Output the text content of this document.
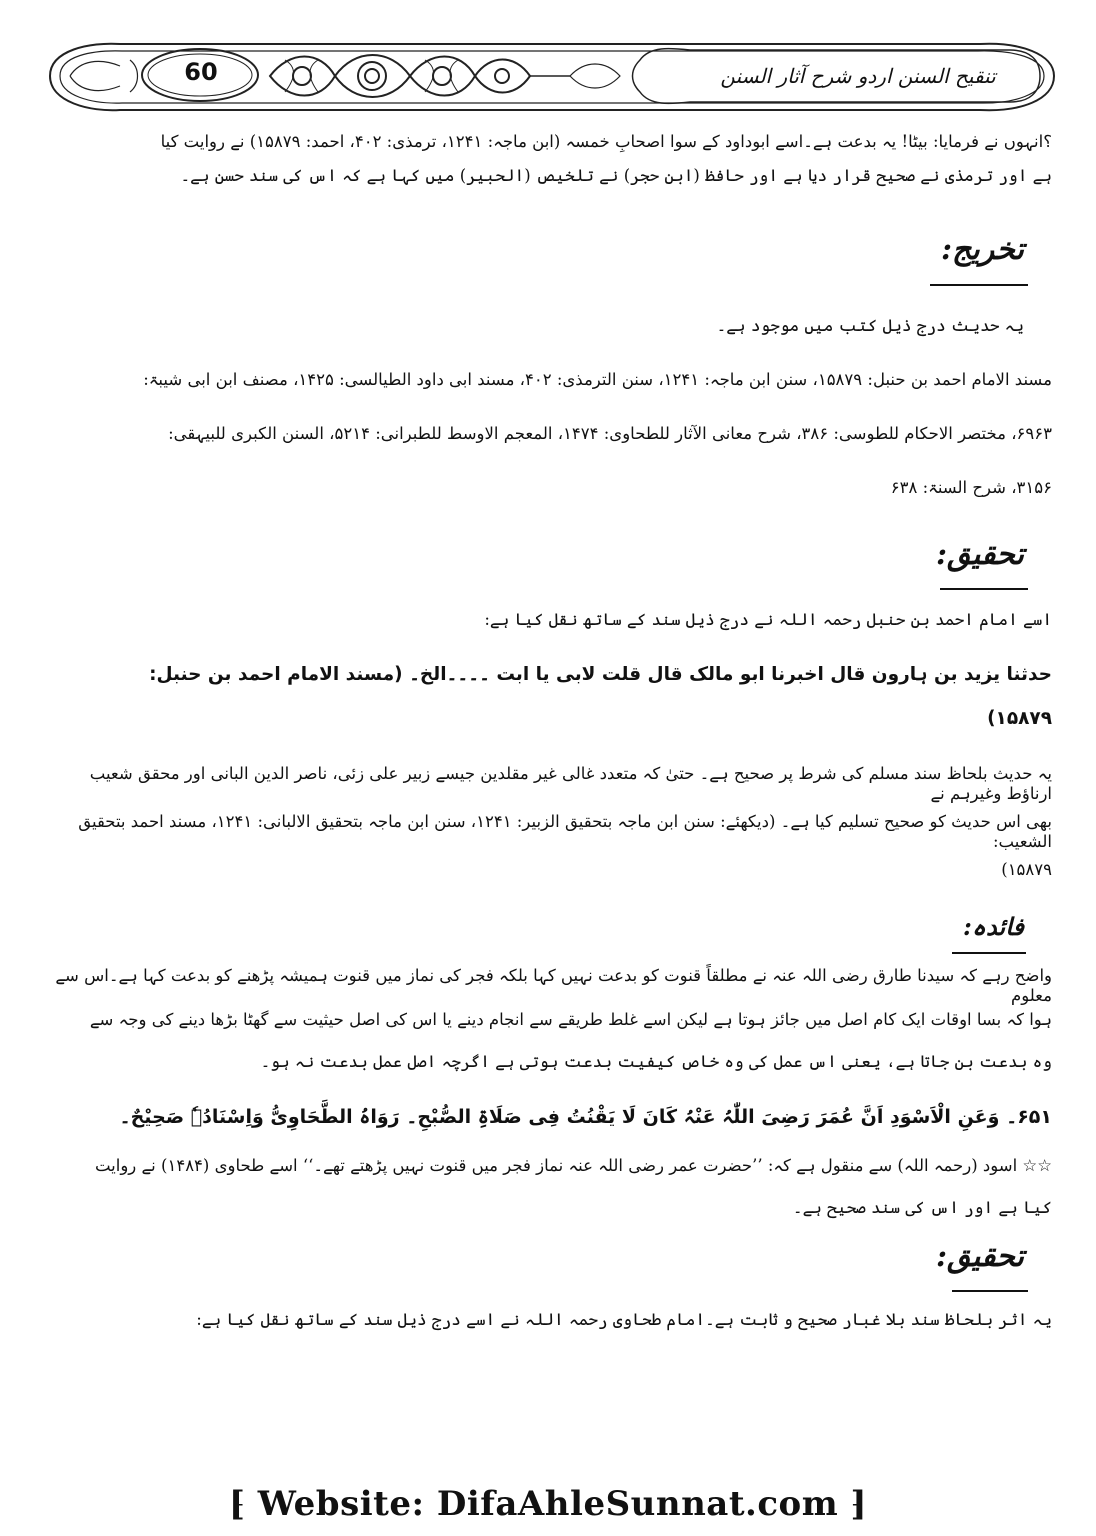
60	تنقیح السنن اردو شرح آثار السنن

؟انہوں نے فرمایا: بیٹا! یہ بدعت ہے۔اسے ابوداود کے سوا اصحابِ خمسہ (ابن ماجہ: ۱۲۴۱، ترمذی: ۴۰۲، احمد: ۱۵۸۷۹) نے روایت کیا

ہے اور ترمذی نے صحیح قرار دیا ہے اور حافظ (ابن حجر) نے تلخیص (الحبیر) میں کہا ہے کہ اس کی سند حسن ہے۔

تخریج:

یہ حدیث درج ذیل کتب میں موجود ہے۔

مسند الامام احمد بن حنبل: ۱۵۸۷۹، سنن ابن ماجہ: ۱۲۴۱، سنن الترمذی: ۴۰۲، مسند ابی داود الطیالسی: ۱۴۲۵، مصنف ابن ابی شیبۃ:

۶۹۶۳، مختصر الاحکام للطوسی: ۳۸۶، شرح معانی الآثار للطحاوی: ۱۴۷۴، المعجم الاوسط للطبرانی: ۵۲۱۴، السنن الکبری للبیہقی:

۳۱۵۶، شرح السنۃ: ۶۳۸

تحقیق:

اسے امام احمد بن حنبل رحمہ اللہ نے درج ذیل سند کے ساتھ نقل کیا ہے:

حدثنا یزید بن ہارون قال اخبرنا ابو مالک قال قلت لابی یا ابت ۔۔۔۔الخ۔ (مسند الامام احمد بن حنبل:

۱۵۸۷۹)

یہ حدیث بلحاظ سند مسلم کی شرط پر صحیح ہے۔ حتیٰ کہ متعدد غالی غیر مقلدین جیسے زبیر علی زئی، ناصر الدین البانی اور محقق شعیب ارناؤط وغیرہم نے

بھی اس حدیث کو صحیح تسلیم کیا ہے۔ (دیکھئے: سنن ابن ماجہ بتحقیق الزبیر: ۱۲۴۱، سنن ابن ماجہ بتحقیق الالبانی: ۱۲۴۱، مسند احمد بتحقیق الشعیب:

۱۵۸۷۹)

فائدہ:

واضح رہے کہ سیدنا طارق رضی اللہ عنہ نے مطلقاً قنوت کو بدعت نہیں کہا بلکہ فجر کی نماز میں قنوت ہمیشہ پڑھنے کو بدعت کہا ہے۔اس سے معلوم

ہوا کہ بسا اوقات ایک کام اصل میں جائز ہوتا ہے لیکن اسے غلط طریقے سے انجام دینے یا اس کی اصل حیثیت سے گھٹا بڑھا دینے کی وجہ سے

وہ بدعت بن جاتا ہے، یعنی اس عمل کی وہ خاص کیفیت بدعت ہوتی ہے اگرچہ اصل عمل بدعت نہ ہو۔

۶۵۱۔ وَعَنِ الْاَسْوَدِ اَنَّ عُمَرَ رَضِیَ اللّٰہُ عَنْہُ کَانَ لَا یَقْنُتُ فِی صَلَاۃِ الصُّبْحِ۔ رَوَاہُ الطَّحَاوِیُّ وَاِسْنَادُہٗ صَحِیْحٌ۔

☆☆ اسود (رحمہ اللہ) سے منقول ہے کہ: ’’حضرت عمر رضی اللہ عنہ نماز فجر میں قنوت نہیں پڑھتے تھے۔‘‘ اسے طحاوی (۱۴۸۴) نے روایت

کیا ہے اور اس کی سند صحیح ہے۔

تحقیق:

یہ اثر بلحاظ سند بلا غبار صحیح و ثابت ہے۔امام طحاوی رحمہ اللہ نے اسے درج ذیل سند کے ساتھ نقل کیا ہے:

⁅ Website: DifaAhleSunnat.com ⁆
